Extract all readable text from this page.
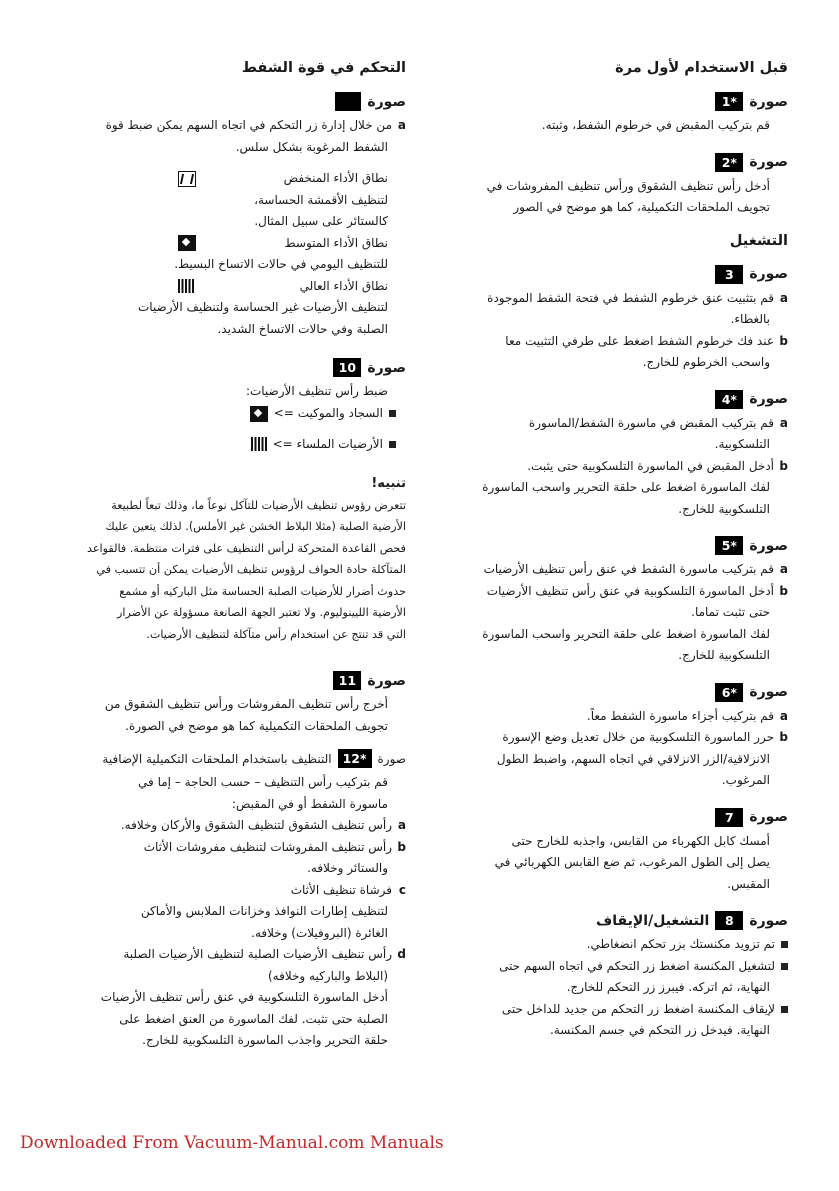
قبل الاستخدام لأول مرة
صورة
1*

قم بتركيب المقبض في خرطوم الشفط، وثبته.

صورة
2*

أدخل رأس تنظيف الشقوق ورأس تنظيف المفروشات في

تجويف الملحقات التكميلية، كما هو موضح في الصور

التشغيل
صورة
3
a
قم بتثبيت عنق خرطوم الشفط في فتحة الشفط الموجودة

بالغطاء.

b
عند فك خرطوم الشفط اضغط على طرفي التثبيت معا

واسحب الخرطوم للخارج.

صورة
4*
a
قم بتركيب المقبض في ماسورة الشفط/الماسورة

التلسكوبية.

b
أدخل المقبض في الماسورة التلسكوبية حتى يثبت.

لفك الماسورة اضغط على حلقة التحرير واسحب الماسورة

التلسكوبية للخارج.

صورة
5*
a
قم بتركيب ماسورة الشفط في عنق رأس تنظيف الأرضيات
b
أدخل الماسورة التلسكوبية في عنق رأس تنظيف الأرضيات

حتى تثبت تماما.

لفك الماسورة اضغط على حلقة التحرير واسحب الماسورة

التلسكوبية للخارج.

صورة
6*
a
قم بتركيب أجزاء ماسورة الشفط معاً.
b
حرر الماسورة التلسكوبية من خلال تعديل وضع الإسورة

الانزلاقية/الزر الانزلاقي في اتجاه السهم، واضبط الطول

المرغوب.

صورة
7

أمسك كابل الكهرباء من القابس، واجذبه للخارج حتى

يصل إلى الطول المرغوب، ثم ضع القابس الكهربائي في

المقبس.

صورة
8
التشغيل/الإيقاف
تم تزويد مكنستك بزر تحكم انضغاطي.
لتشغيل المكنسة اضغط زر التحكم في اتجاه السهم حتى

النهاية، ثم اتركه. فيبرز زر التحكم للخارج.

لإيقاف المكنسة اضغط زر التحكم من جديد للداخل حتى

النهاية. فيدخل زر التحكم في جسم المكنسة.

التحكم في قوة الشفط
صورة
a
من خلال إدارة زر التحكم في اتجاه السهم يمكن ضبط قوة

الشفط المرغوبة بشكل سلس.

نطاق الأداء المنخفض

لتنظيف الأقمشة الحساسة،

كالستائر على سبيل المثال.

نطاق الأداء المتوسط

للتنظيف اليومي في حالات الاتساخ البسيط.

نطاق الأداء العالي

لتنظيف الأرضيات غير الحساسة ولتنظيف الأرضيات

الصلبة وفي حالات الاتساخ الشديد.

صورة
10

ضبط رأس تنظيف الأرضيات:

السجاد والموكيت =>
الأرضيات الملساء =>
تنبيه!

تتعرض رؤوس تنظيف الأرضيات للتآكل نوعاً ما، وذلك تبعاً لطبيعة

الأرضية الصلبة (مثلا البلاط الخشن غير الأملس). لذلك يتعين عليك

فحص القاعدة المتحركة لرأس التنظيف على فترات منتظمة. فالقواعد

المتآكلة حادة الحواف لرؤوس تنظيف الأرضيات يمكن أن تتسبب في

حدوث أضرار للأرضيات الصلبة الحساسة مثل الباركيه أو مشمع

الأرضية الليينوليوم. ولا تعتبر الجهة الصانعة مسؤولة عن الأضرار

التي قد تنتج عن استخدام رأس متآكلة لتنظيف الأرضيات.

صورة
11

أخرج رأس تنظيف المفروشات ورأس تنظيف الشقوق من

تجويف الملحقات التكميلية كما هو موضح في الصورة.

صورة
12*
التنظيف باستخدام الملحقات التكميلية الإضافية

قم بتركيب رأس التنظيف – حسب الحاجة – إما في

ماسورة الشفط أو في المقبض:

a
رأس تنظيف الشقوق لتنظيف الشقوق والأركان وخلافه.
b
رأس تنظيف المفروشات لتنظيف مفروشات الأثاث

والستائر وخلافه.

c
فرشاة تنظيف الأثاث

لتنظيف إطارات النوافذ وخزانات الملابس والأماكن

الغائرة (البروفيلات) وخلافه.

d
رأس تنظيف الأرضيات الصلبة لتنظيف الأرضيات الصلبة

(البلاط والباركيه وخلافه)

أدخل الماسورة التلسكوبية في عنق رأس تنظيف الأرضيات

الصلبة حتى تثبت. لفك الماسورة من العنق اضغط على

حلقة التحرير واجذب الماسورة التلسكوبية للخارج.

Downloaded From Vacuum-Manual.com Manuals
